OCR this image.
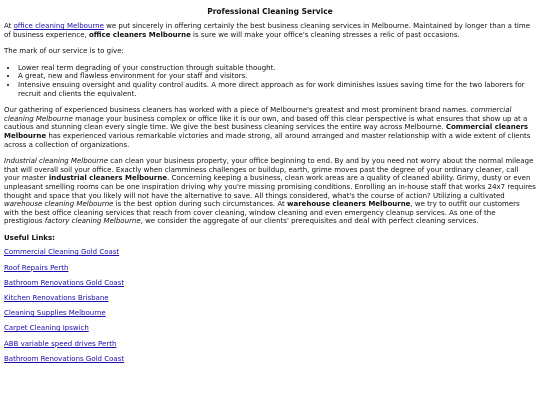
Professional Cleaning Service

At office cleaning Melbourne we put sincerely in offering certainly the best business cleaning services in Melbourne. Maintained by longer than a time of business experience, office cleaners Melbourne is sure we will make your office's cleaning stresses a relic of past occasions.

The mark of our service is to give:

• Lower real term degrading of your construction through suitable thought.
• A great, new and flawless environment for your staff and visitors.
• Intensive ensuing oversight and quality control audits. A more direct approach as for work diminishes issues saving time for the two laborers for recruit and clients the equivalent.

Our gathering of experienced business cleaners has worked with a piece of Melbourne's greatest and most prominent brand names. commercial cleaning Melbourne manage your business complex or office like it is our own, and based off this clear perspective is what ensures that show up at a cautious and stunning clean every single time. We give the best business cleaning services the entire way across Melbourne. Commercial cleaners Melbourne has experienced various remarkable victories and made strong, all around arranged and master relationship with a wide extent of clients across a collection of organizations.

Industrial cleaning Melbourne can clean your business property, your office beginning to end. By and by you need not worry about the normal mileage that will overall soil your office. Exactly when clamminess challenges or buildup, earth, grime moves past the degree of your ordinary cleaner, call your master industrial cleaners Melbourne. Concerning keeping a business, clean work areas are a quality of cleaned ability. Grimy, dusty or even unpleasant smelling rooms can be one inspiration driving why you're missing promising conditions. Enrolling an in-house staff that works 24x7 requires thought and space that you likely will not have the alternative to save. All things considered, what's the course of action? Utilizing a cultivated warehouse cleaning Melbourne is the best option during such circumstances. At warehouse cleaners Melbourne, we try to outfit our customers with the best office cleaning services that reach from cover cleaning, window cleaning and even emergency cleanup services. As one of the prestigious factory cleaning Melbourne, we consider the aggregate of our clients' prerequisites and deal with perfect cleaning services.

Useful Links:
Commercial Cleaning Gold Coast
Roof Repairs Perth
Bathroom Renovations Gold Coast
Kitchen Renovations Brisbane
Cleaning Supplies Melbourne
Carpet Cleaning Ipswich
ABB variable speed drives Perth
Bathroom Renovations Gold Coast
